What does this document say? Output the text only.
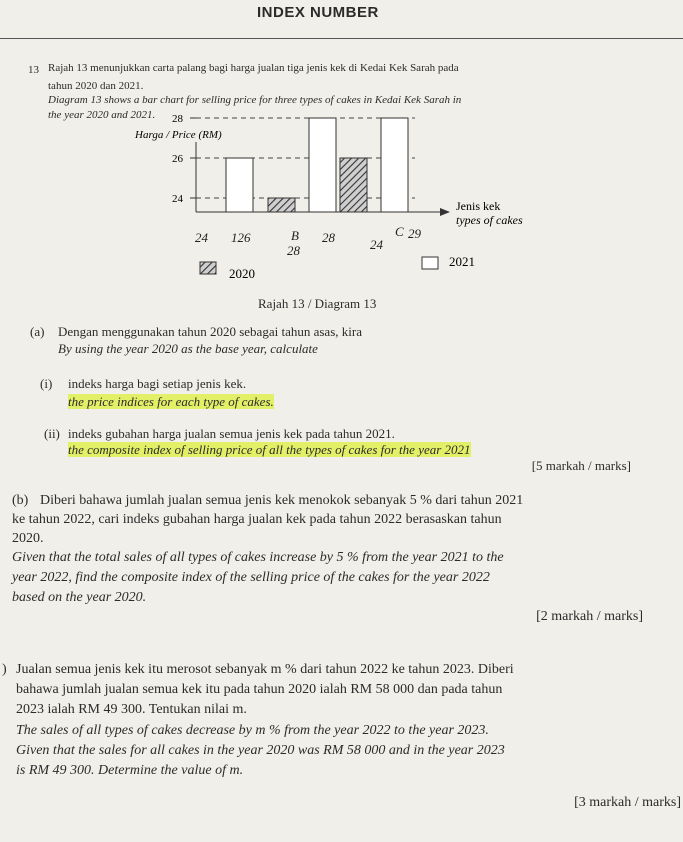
INDEX NUMBER
13 Rajah 13 menunjukkan carta palang bagi harga jualan tiga jenis kek di Kedai Kek Sarah pada
tahun 2020 dan 2021.
Diagram 13 shows a bar chart for selling price for three types of cakes in Kedai Kek Sarah in
the year 2020 and 2021.
Harga / Price (RM)
24
26
28
Jenis kek
types of cakes
24 126	B
28
28	C 29
24
2020
2021
Rajah 13 / Diagram 13
(a) Dengan menggunakan tahun 2020 sebagai tahun asas, kira
By using the year 2020 as the base year, calculate
(i) indeks harga bagi setiap jenis kek.
the price indices for each type of cakes.
(ii) indeks gubahan harga jualan semua jenis kek pada tahun 2021.
the composite index of selling price of all the types of cakes for the year 2021
[5 markah / marks]
(b) Diberi bahawa jumlah jualan semua jenis kek menokok sebanyak 5 % dari tahun 2021
ke tahun 2022, cari indeks gubahan harga jualan kek pada tahun 2022 berasaskan tahun
2020.
Given that the total sales of all types of cakes increase by 5 % from the year 2021 to the
year 2022, find the composite index of the selling price of the cakes for the year 2022
based on the year 2020.
[2 markah / marks]
) Jualan semua jenis kek itu merosot sebanyak m % dari tahun 2022 ke tahun 2023. Diberi
bahawa jumlah jualan semua kek itu pada tahun 2020 ialah RM 58 000 dan pada tahun
2023 ialah RM 49 300. Tentukan nilai m.
The sales of all types of cakes decrease by m % from the year 2022 to the year 2023.
Given that the sales for all cakes in the year 2020 was RM 58 000 and in the year 2023
is RM 49 300. Determine the value of m.
[3 markah / marks]
